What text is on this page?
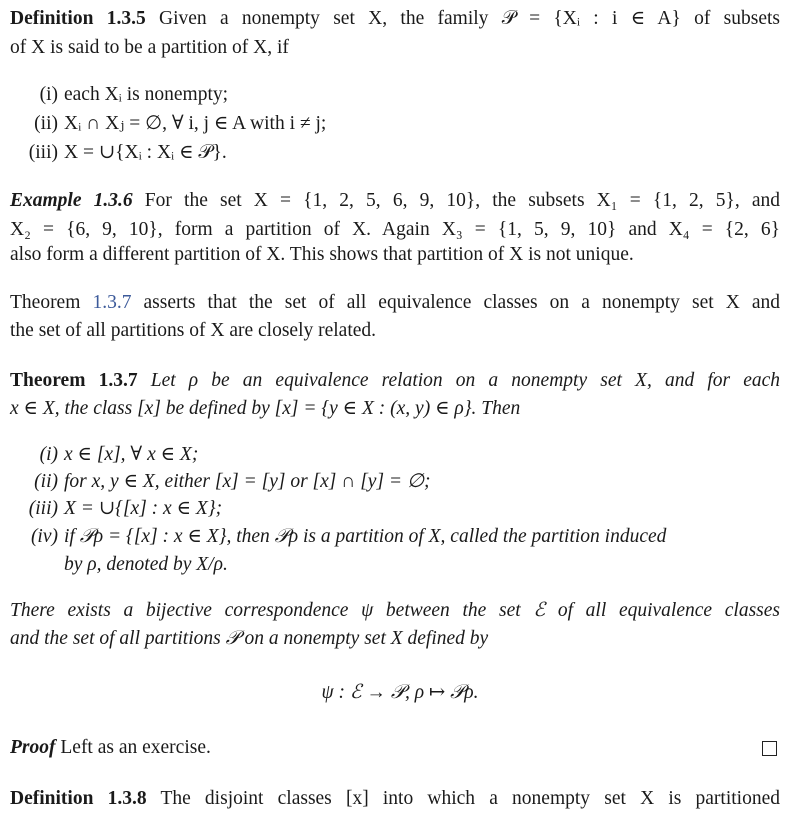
Definition 1.3.5 Given a nonempty set X, the family 𝒫 = {Xᵢ : i ∈ A} of subsets

of X is said to be a partition of X, if

(i) each Xᵢ is nonempty;
(ii) Xᵢ ∩ Xⱼ = ∅, ∀ i, j ∈ A with i ≠ j;
(iii) X = ∪{Xᵢ : Xᵢ ∈ 𝒫}.

Example 1.3.6 For the set X = {1, 2, 5, 6, 9, 10}, the subsets X₁ = {1, 2, 5}, and

X₂ = {6, 9, 10}, form a partition of X. Again X₃ = {1, 5, 9, 10} and X₄ = {2, 6}

also form a different partition of X. This shows that partition of X is not unique.

Theorem 1.3.7 asserts that the set of all equivalence classes on a nonempty set X and

the set of all partitions of X are closely related.

Theorem 1.3.7 Let ρ be an equivalence relation on a nonempty set X, and for each

x ∈ X, the class [x] be defined by [x] = {y ∈ X : (x, y) ∈ ρ}. Then

(i) x ∈ [x], ∀ x ∈ X;
(ii) for x, y ∈ X, either [x] = [y] or [x] ∩ [y] = ∅;
(iii) X = ∪{[x] : x ∈ X};
(iv) if 𝒫ρ = {[x] : x ∈ X}, then 𝒫ρ is a partition of X, called the partition induced
by ρ, denoted by X/ρ.

There exists a bijective correspondence ψ between the set ℰ of all equivalence classes

and the set of all partitions 𝒫 on a nonempty set X defined by

ψ : ℰ → 𝒫, ρ ↦ 𝒫ρ.

Proof Left as an exercise.

Definition 1.3.8 The disjoint classes [x] into which a nonempty set X is partitioned
